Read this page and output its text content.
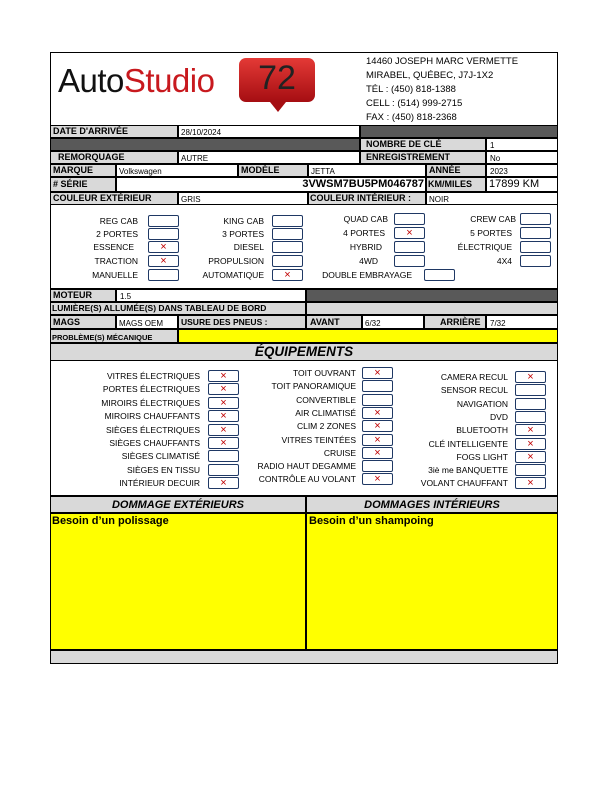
AutoStudio	72	14460 JOSEPH MARC VERMETTE
MIRABEL, QUÉBEC, J7J-1X2
TÉL : (450) 818-1388
CELL : (514) 999-2715
FAX : (450) 818-2368
DATE D'ARRIVÉE	28/10/2024
NOMBRE DE CLÉ	1
REMORQUAGE	AUTRE	ENREGISTREMENT	No
MARQUE	Volkswagen	MODÈLE	JETTA	ANNÉE	2023
# SÉRIE	3VWSM7BU5PM046787 KM/MILES 17899 KM
COULEUR EXTÉRIEUR	GRIS	COULEUR INTÉRIEUR : NOIR
REG CAB	KING CAB	QUAD CAB	CREW CAB
2 PORTES	3 PORTES	4 PORTES	×	5 PORTES
ESSENCE	×	DIESEL	HYBRID	ÉLECTRIQUE
TRACTION	×	PROPULSION	4WD	4X4
MANUELLE	AUTOMATIQUE	×	DOUBLE EMBRAYAGE
MOTEUR	1.5
LUMIÈRE(S) ALLUMÉE(S) DANS TABLEAU DE BORD
MAGS	MAGS OEM USURE DES PNEUS :	AVANT	6/32	ARRIÈRE 7/32
PROBLÈME(S) MÉCANIQUE
ÉQUIPEMENTS
VITRES ÉLECTRIQUES	×
PORTES ÉLECTRIQUES	×
MIROIRS ÉLECTRIQUES	×
MIROIRS CHAUFFANTS	×
SIÈGES ÉLECTRIQUES	×
SIÈGES CHAUFFANTS	×
SIÈGES CLIMATISÉ
SIÈGES EN TISSU
INTÉRIEUR DECUIR	×
TOIT OUVRANT	×
TOIT PANORAMIQUE
CONVERTIBLE
AIR CLIMATISÉ	×
CLIM 2 ZONES	×
VITRES TEINTÉES	×
CRUISE	×
RADIO HAUT DEGAMME
CONTRÔLE AU VOLANT	×
CAMERA RECUL	×
SENSOR RECUL
NAVIGATION
DVD
BLUETOOTH	×
CLÉ INTELLIGENTE	×
FOGS LIGHT	×
3iè me BANQUETTE
VOLANT CHAUFFANT	×
DOMMAGE EXTÉRIEURS	DOMMAGES INTÉRIEURS
Besoin d’un polissage	Besoin d’un shampoing
